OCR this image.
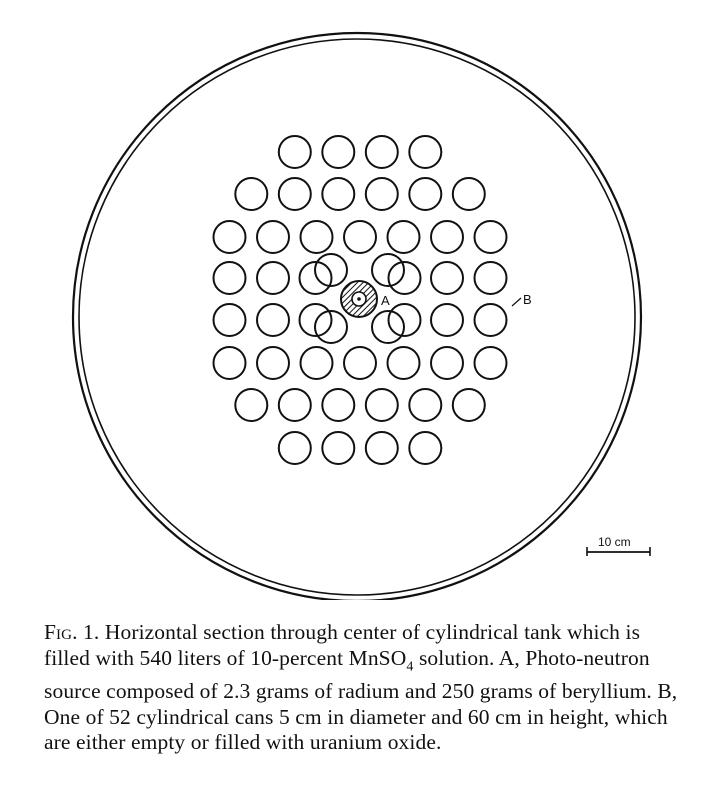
A	B
10 cm
Fig. 1. Horizontal section through center of cylindrical tank which is filled with 540 liters of 10-percent MnSO$_4$ solution. A, Photo-neutron source composed of 2.3 grams of radium and 250 grams of beryllium. B, One of 52 cylindrical cans 5 cm in diameter and 60 cm in height, which are either empty or filled with uranium oxide.
